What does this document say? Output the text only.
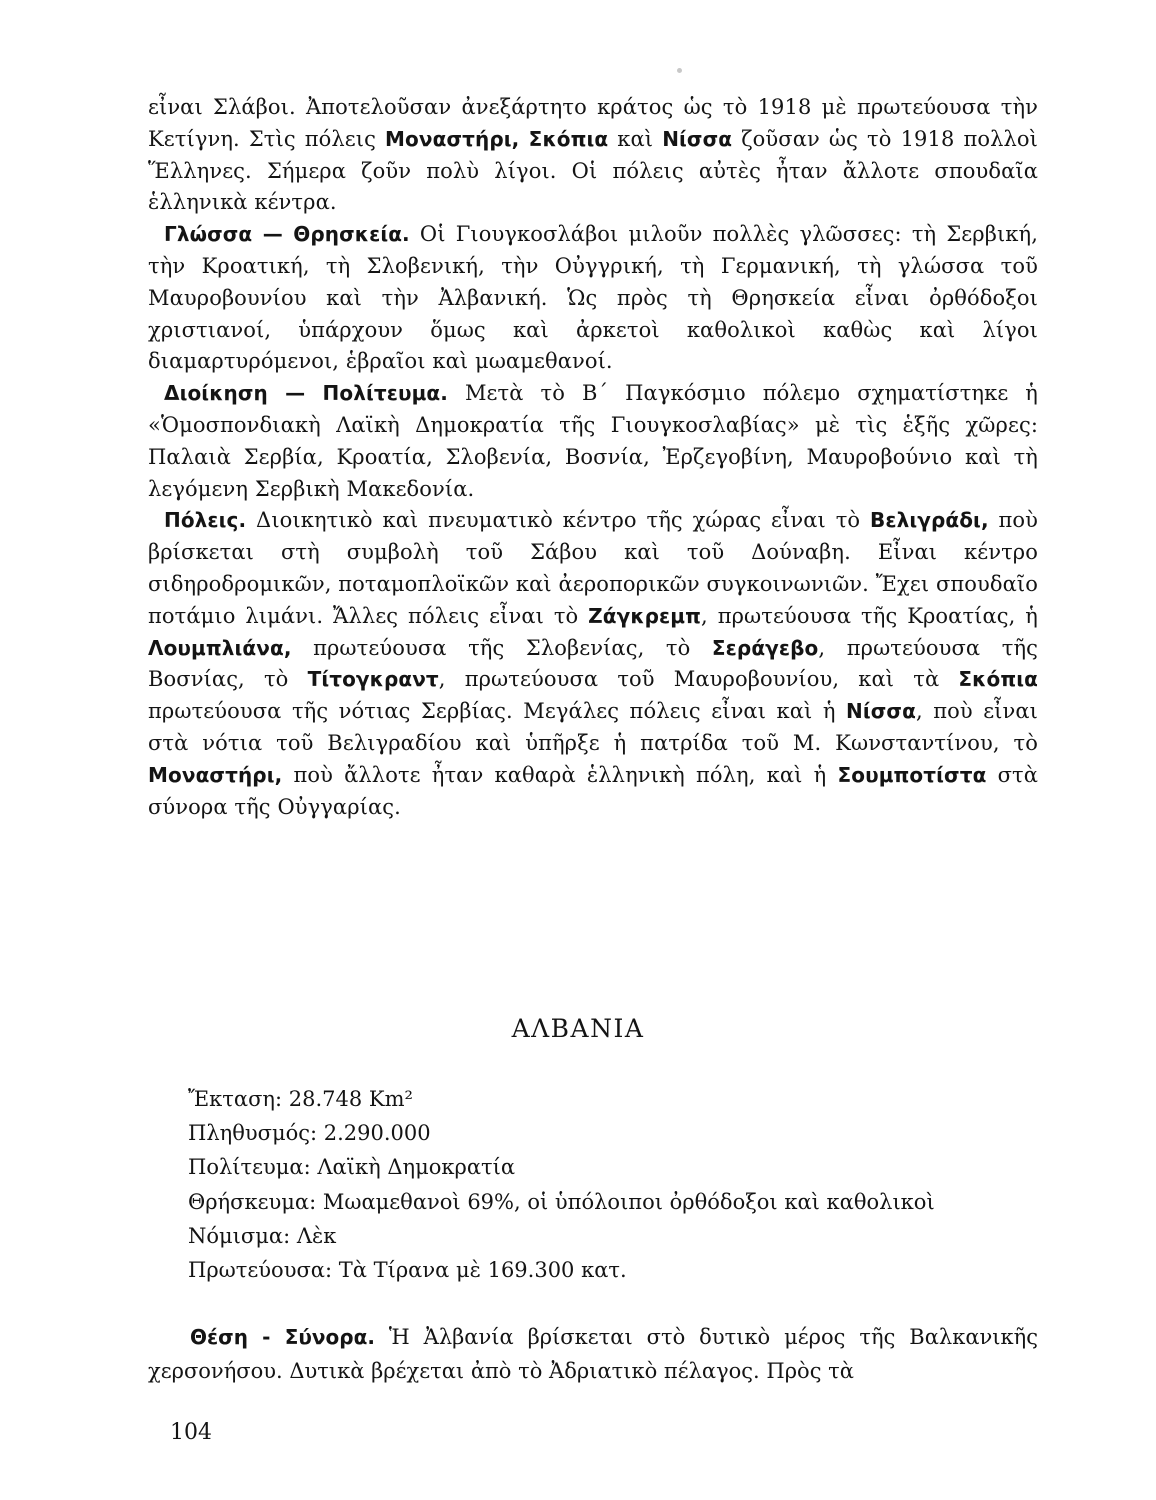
εἶναι Σλάβοι. Ἀποτελοῦσαν ἀνεξάρτητο κράτος ὡς τὸ 1918 μὲ πρωτεύουσα τὴν Κετίγνη. Στὶς πόλεις Μοναστήρι, Σκόπια καὶ Νίσσα ζοῦσαν ὡς τὸ 1918 πολλοὶ Ἕλληνες. Σήμερα ζοῦν πολὺ λίγοι. Οἱ πόλεις αὐτὲς ἦταν ἄλλοτε σπουδαῖα ἑλληνικὰ κέντρα.

Γλώσσα — Θρησκεία. Οἱ Γιουγκοσλάβοι μιλοῦν πολλὲς γλῶσσες: τὴ Σερβική, τὴν Κροατική, τὴ Σλοβενική, τὴν Οὐγγρική, τὴ Γερμανική, τὴ γλώσσα τοῦ Μαυροβουνίου καὶ τὴν Ἀλβανική. Ὡς πρὸς τὴ Θρησκεία εἶναι ὀρθόδοξοι χριστιανοί, ὑπάρχουν ὅμως καὶ ἀρκετοὶ καθολικοὶ καθὼς καὶ λίγοι διαμαρτυρόμενοι, ἑβραῖοι καὶ μωαμεθανοί.

Διοίκηση — Πολίτευμα. Μετὰ τὸ Β΄ Παγκόσμιο πόλεμο σχηματίστηκε ἡ «Ὁμοσπονδιακὴ Λαϊκὴ Δημοκρατία τῆς Γιουγκοσλαβίας» μὲ τὶς ἑξῆς χῶρες: Παλαιὰ Σερβία, Κροατία, Σλοβενία, Βοσνία, Ἐρζεγοβίνη, Μαυροβούνιο καὶ τὴ λεγόμενη Σερβικὴ Μακεδονία.

Πόλεις. Διοικητικὸ καὶ πνευματικὸ κέντρο τῆς χώρας εἶναι τὸ Βελιγράδι, ποὺ βρίσκεται στὴ συμβολὴ τοῦ Σάβου καὶ τοῦ Δούναβη. Εἶναι κέντρο σιδηροδρομικῶν, ποταμοπλοϊκῶν καὶ ἀεροπορικῶν συγκοινωνιῶν. Ἔχει σπουδαῖο ποτάμιο λιμάνι. Ἄλλες πόλεις εἶναι τὸ Ζάγκρεμπ, πρωτεύουσα τῆς Κροατίας, ἡ Λουμπλιάνα, πρωτεύουσα τῆς Σλοβενίας, τὸ Σεράγεβο, πρωτεύουσα τῆς Βοσνίας, τὸ Τίτογκραντ, πρωτεύουσα τοῦ Μαυροβουνίου, καὶ τὰ Σκόπια πρωτεύουσα τῆς νότιας Σερβίας. Μεγάλες πόλεις εἶναι καὶ ἡ Νίσσα, ποὺ εἶναι στὰ νότια τοῦ Βελιγραδίου καὶ ὑπῆρξε ἡ πατρίδα τοῦ Μ. Κωνσταντίνου, τὸ Μοναστήρι, ποὺ ἄλλοτε ἦταν καθαρὰ ἑλληνικὴ πόλη, καὶ ἡ Σουμποτίστα στὰ σύνορα τῆς Οὐγγαρίας.

ΑΛΒΑΝΙΑ
Ἔκταση: 28.748 Km²
Πληθυσμός: 2.290.000
Πολίτευμα: Λαϊκὴ Δημοκρατία
Θρήσκευμα: Μωαμεθανοὶ 69%, οἱ ὑπόλοιποι ὀρθόδοξοι καὶ καθολικοὶ
Νόμισμα: Λὲκ
Πρωτεύουσα: Τὰ Τίρανα μὲ 169.300 κατ.

Θέση - Σύνορα. Ἡ Ἀλβανία βρίσκεται στὸ δυτικὸ μέρος τῆς Βαλκανικῆς χερσονήσου. Δυτικὰ βρέχεται ἀπὸ τὸ Ἀδριατικὸ πέλαγος. Πρὸς τὰ

104
